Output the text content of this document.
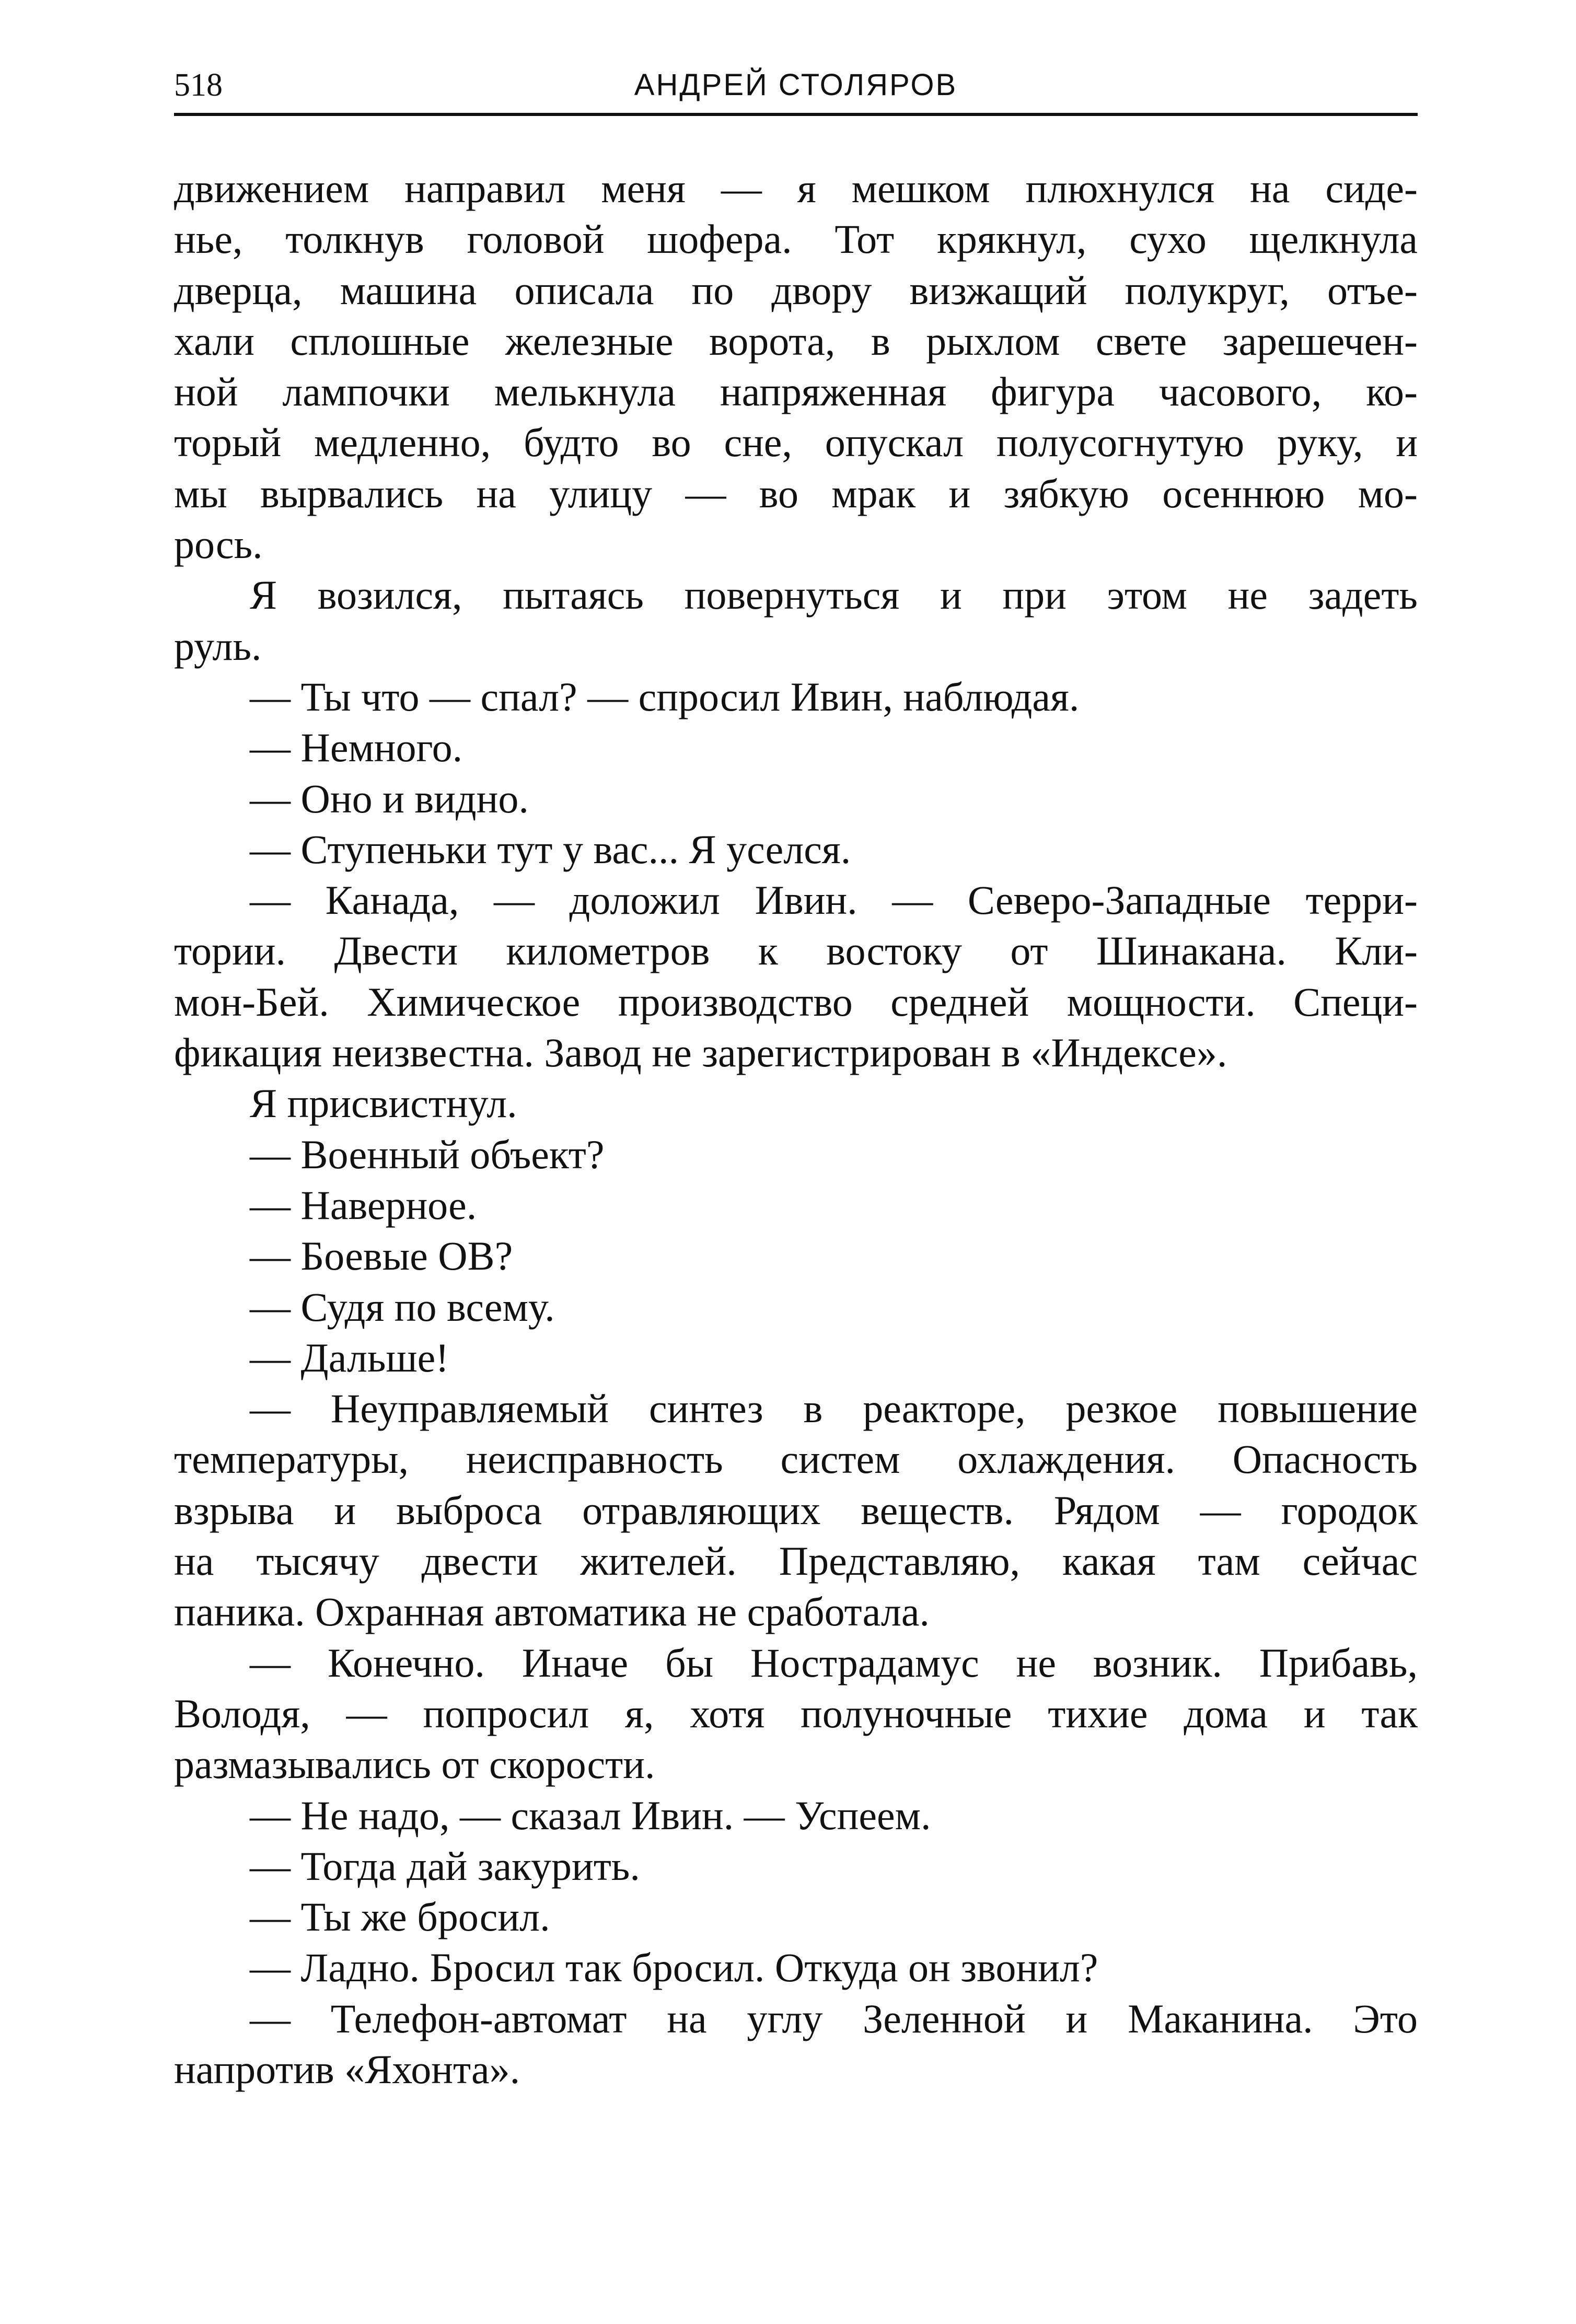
518	АНДРЕЙ СТОЛЯРОВ
движением направил меня — я мешком плюхнулся на сиде-
нье, толкнув головой шофера. Тот крякнул, сухо щелкнула
дверца, машина описала по двору визжащий полукруг, отъе-
хали сплошные железные ворота, в рыхлом свете зарешечен-
ной лампочки мелькнула напряженная фигура часового, ко-
торый медленно, будто во сне, опускал полусогнутую руку, и
мы вырвались на улицу — во мрак и зябкую осеннюю мо-
рось.
Я возился, пытаясь повернуться и при этом не задеть
руль.
— Ты что — спал? — спросил Ивин, наблюдая.
— Немного.
— Оно и видно.
— Ступеньки тут у вас... Я уселся.
— Канада, — доложил Ивин. — Северо-Западные терри-
тории. Двести километров к востоку от Шинакана. Кли-
мон-Бей. Химическое производство средней мощности. Специ-
фикация неизвестна. Завод не зарегистрирован в «Индексе».
Я присвистнул.
— Военный объект?
— Наверное.
— Боевые ОВ?
— Судя по всему.
— Дальше!
— Неуправляемый синтез в реакторе, резкое повышение
температуры, неисправность систем охлаждения. Опасность
взрыва и выброса отравляющих веществ. Рядом — городок
на тысячу двести жителей. Представляю, какая там сейчас
паника. Охранная автоматика не сработала.
— Конечно. Иначе бы Нострадамус не возник. Прибавь,
Володя, — попросил я, хотя полуночные тихие дома и так
размазывались от скорости.
— Не надо, — сказал Ивин. — Успеем.
— Тогда дай закурить.
— Ты же бросил.
— Ладно. Бросил так бросил. Откуда он звонил?
— Телефон-автомат на углу Зеленной и Маканина. Это
напротив «Яхонта».
